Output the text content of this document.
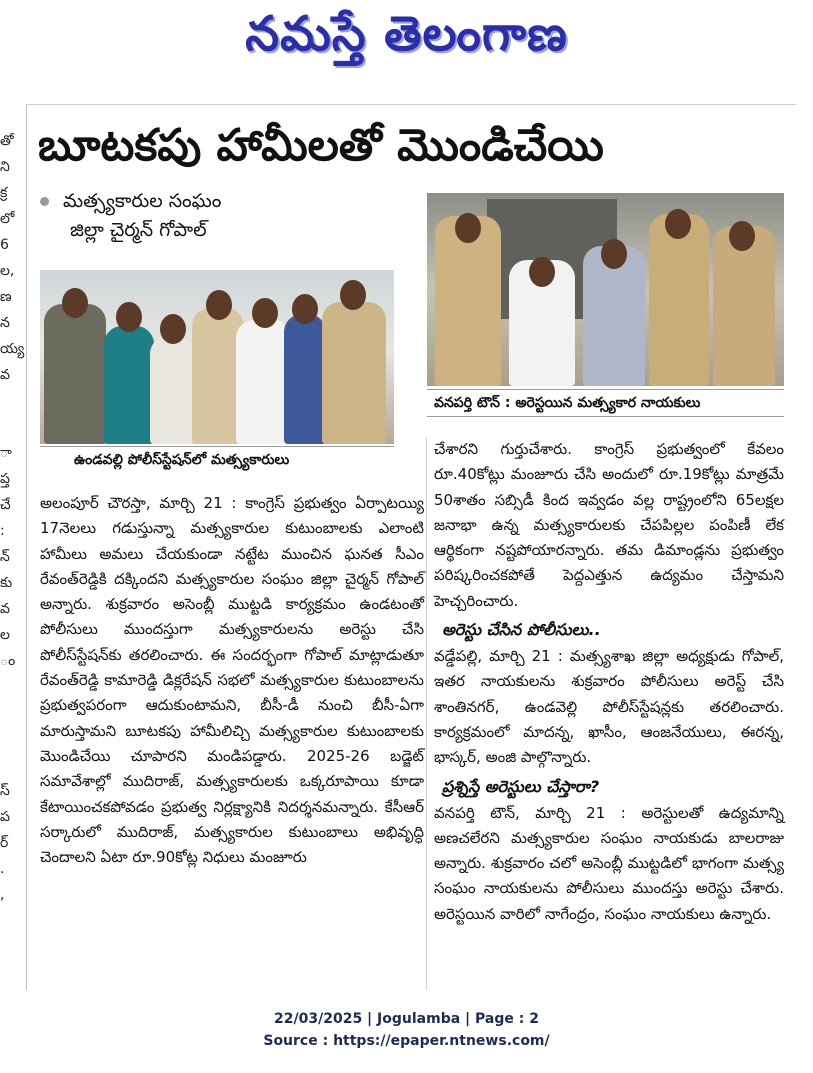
నమస్తే తెలంగాణ
తో
ని
క్ర
లో
6
ల,
ణ
న
య్య
వ

ా
ప్త
చే
:
న్
కు
వ
ల
ం

స్
ప
ర్
.
,
బూటకపు హామీలతో మొండిచేయి
మత్స్యకారుల సంఘం
జిల్లా చైర్మన్ గోపాల్
ఉండవల్లి పోలీస్‌స్టేషన్‌లో మత్స్యకారులు
వనపర్తి టౌన్ : అరెస్టయిన మత్స్యకార నాయకులు

అలంపూర్ చౌరస్తా, మార్చి 21 : కాంగ్రెస్ ప్రభుత్వం ఏర్పాటయ్యి 17నెలలు గడుస్తున్నా మత్స్యకారుల కుటుంబాలకు ఎలాంటి హామీలు అమలు చేయకుండా నట్టేట ముంచిన ఘనత సీఎం రేవంత్‌రెడ్డికి దక్కిందని మత్స్యకారుల సంఘం జిల్లా చైర్మన్ గోపాల్ అన్నారు. శుక్రవారం అసెంబ్లీ ముట్టడి కార్యక్రమం ఉండటంతో పోలీసులు ముందస్తుగా మత్స్యకారులను అరెస్టు చేసి పోలీస్‌స్టేషన్‌కు తరలించారు. ఈ సందర్భంగా గోపాల్ మాట్లాడుతూ రేవంత్‌రెడ్డి కామారెడ్డి డిక్లరేషన్ సభలో మత్స్యకారుల కుటుంబాలను ప్రభుత్వపరంగా ఆదుకుంటామని, బీసీ-డీ నుంచి బీసీ-ఏగా మారుస్తామని బూటకపు హామీలిచ్చి మత్స్యకారుల కుటుంబాలకు మొండిచేయి చూపారని మండిపడ్డారు. 2025-26 బడ్జెట్ సమావేశాల్లో ముదిరాజ్, మత్స్యకారులకు ఒక్కరూపాయి కూడా కేటాయించకపోవడం ప్రభుత్వ నిర్లక్ష్యానికి నిదర్శనమన్నారు. కేసీఆర్ సర్కారులో ముదిరాజ్, మత్స్యకారుల కుటుంబాలు అభివృద్ధి చెందాలని ఏటా రూ.90కోట్ల నిధులు మంజూరు

చేశారని గుర్తుచేశారు. కాంగ్రెస్ ప్రభుత్వంలో కేవలం రూ.40కోట్లు మంజూరు చేసి అందులో రూ.19కోట్లు మాత్రమే 50శాతం సబ్సిడీ కింద ఇవ్వడం వల్ల రాష్ట్రంలోని 65లక్షల జనాభా ఉన్న మత్స్యకారులకు చేపపిల్లల పంపిణీ లేక ఆర్థికంగా నష్టపోయారన్నారు. తమ డిమాండ్లను ప్రభుత్వం పరిష్కరించకపోతే పెద్దఎత్తున ఉద్యమం చేస్తామని హెచ్చరించారు.

అరెస్టు చేసిన పోలీసులు..

వడ్డేపల్లి, మార్చి 21 : మత్స్యశాఖ జిల్లా అధ్యక్షుడు గోపాల్, ఇతర నాయకులను శుక్రవారం పోలీసులు అరెస్ట్ చేసి శాంతినగర్, ఉండవెల్లి పోలీస్‌స్టేషన్లకు తరలించారు. కార్యక్రమంలో మాదన్న, ఖాసీం, ఆంజనేయులు, ఈరన్న, భాస్కర్, అంజి పాల్గొన్నారు.

ప్రశ్నిస్తే అరెస్టులు చేస్తారా?

వనపర్తి టౌన్, మార్చి 21 : అరెస్టులతో ఉద్యమాన్ని అణచలేరని మత్స్యకారుల సంఘం నాయకుడు బాలరాజు అన్నారు. శుక్రవారం చలో అసెంబ్లీ ముట్టడిలో భాగంగా మత్స్య సంఘం నాయకులను పోలీసులు ముందస్తు అరెస్టు చేశారు. అరెస్టయిన వారిలో నాగేంద్రం, సంఘం నాయకులు ఉన్నారు.

22/03/2025 | Jogulamba | Page : 2
Source : https://epaper.ntnews.com/
